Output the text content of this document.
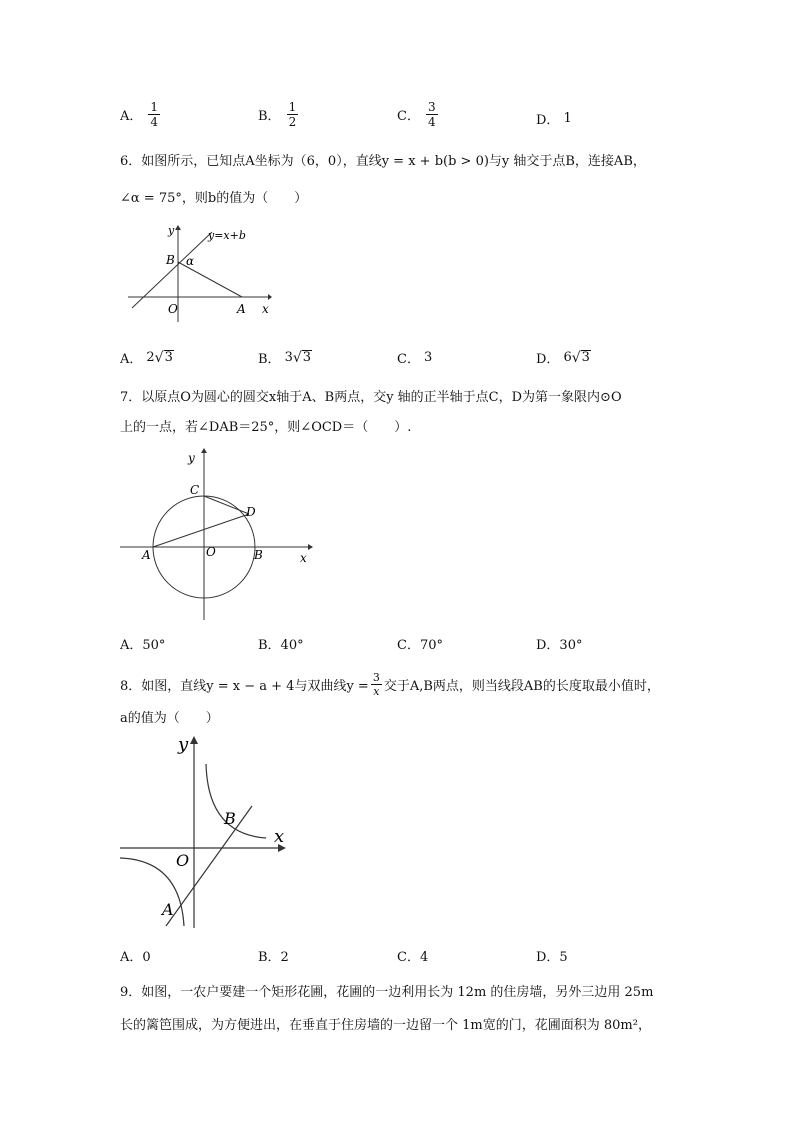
A． $\frac{1}{4}$	B． $\frac{1}{2}$	C． $\frac{3}{4}$	D． 1
6．如图所示，已知点A坐标为（6，0），直线y = x + b(b > 0)与y 轴交于点B，连接AB，
∠α = 75°，则b的值为（　　）
y	y=x+b
B α
O	A x
A． 2 √ 3	B． 3 √ 3	C． 3	D． 6 √ 3
7．以原点O为圆心的圆交x轴于A、B两点，交y 轴的正半轴于点C，D为第一象限内⊙O
上的一点，若∠DAB＝25°，则∠OCD＝（　　）.
y
C
D
A	O	B	x
A．50°	B．40°	C．70°	D．30°
8．如图，直线y = x − a + 4与双曲线$y = \frac{3}{x}$ 交于A,B两点，则当线段AB的长度取最小值时，
a的值为（　　）
y
B
x
O
A
A．0	B．2	C．4	D．5
9．如图，一农户要建一个矩形花圃，花圃的一边利用长为 12m 的住房墙，另外三边用 25m
长的篱笆围成，为方便进出，在垂直于住房墙的一边留一个 1m宽的门，花圃面积为 80m²，
